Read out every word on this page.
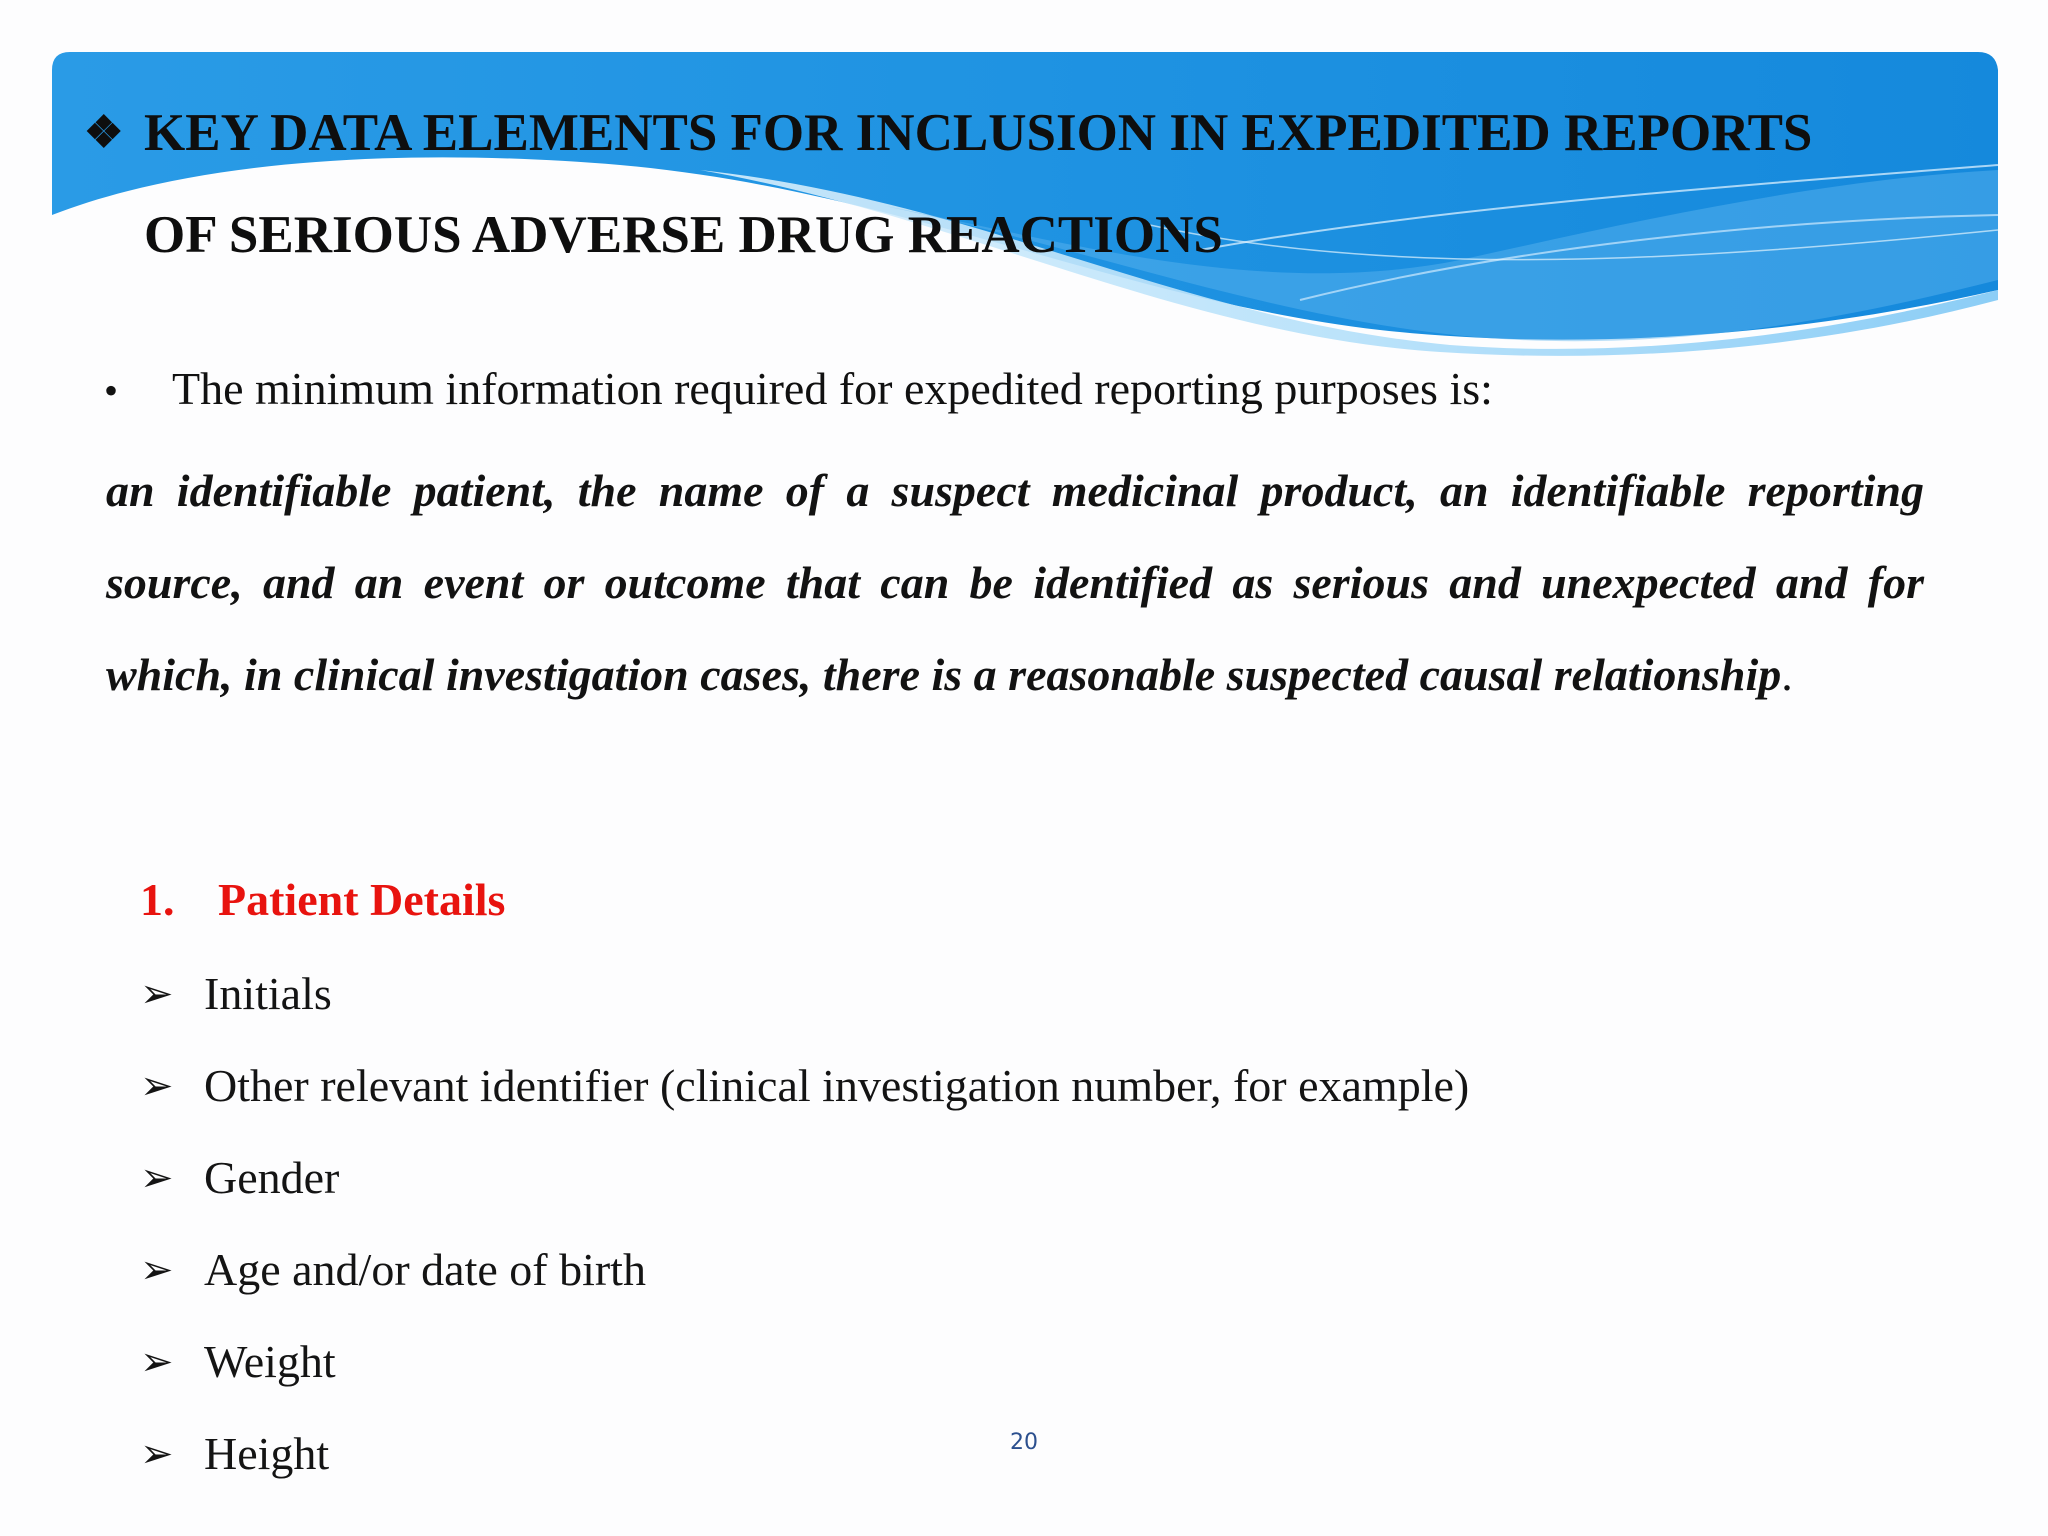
❖ KEY DATA ELEMENTS FOR INCLUSION IN EXPEDITED REPORTS
OF SERIOUS ADVERSE DRUG REACTIONS
• The minimum information required for expedited reporting purposes is:
an identifiable patient, the name of a suspect medicinal product, an identifiable reporting source, and an event or outcome that can be identified as serious and unexpected and for which, in clinical investigation cases, there is a reasonable suspected causal relationship.
1. Patient Details
➢ Initials
➢ Other relevant identifier (clinical investigation number, for example)
➢ Gender
➢ Age and/or date of birth
➢ Weight
➢ Height	20
